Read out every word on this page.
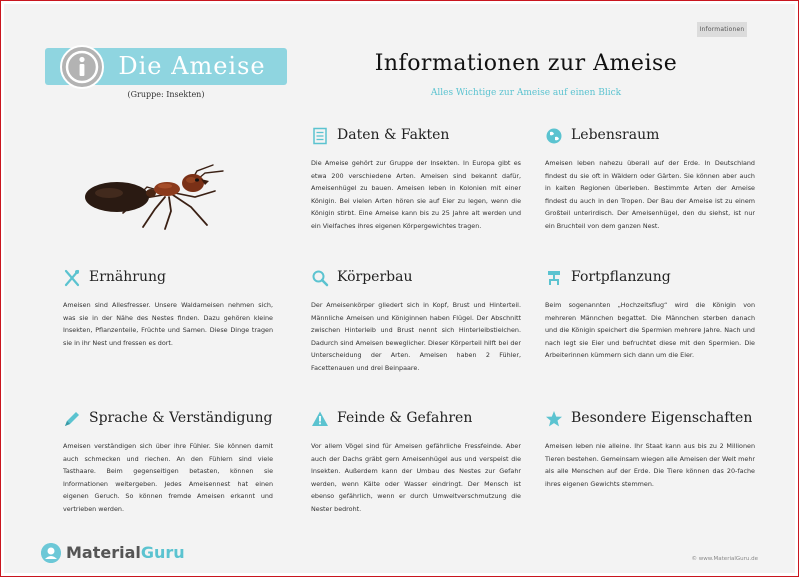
Informationen
Die Ameise
(Gruppe: Insekten)
Informationen zur Ameise
Alles Wichtige zur Ameise auf einen Blick
Daten & Fakten
Die Ameise gehört zur Gruppe der Insekten. In Europa gibt es etwa 200 verschiedene Arten. Ameisen sind bekannt dafür, Ameisenhügel zu bauen. Ameisen leben in Kolonien mit einer Königin. Bei vielen Arten hören sie auf Eier zu legen, wenn die Königin stirbt. Eine Ameise kann bis zu 25 Jahre alt werden und ein Vielfaches ihres eigenen Körpergewichtes tragen.
Lebensraum
Ameisen leben nahezu überall auf der Erde. In Deutschland findest du sie oft in Wäldern oder Gärten. Sie können aber auch in kalten Regionen überleben. Bestimmte Arten der Ameise findest du auch in den Tropen. Der Bau der Ameise ist zu einem Großteil unterirdisch. Der Ameisenhügel, den du siehst, ist nur ein Bruchteil von dem ganzen Nest.
Ernährung
Ameisen sind Allesfresser. Unsere Waldameisen nehmen sich, was sie in der Nähe des Nestes finden. Dazu gehören kleine Insekten, Pflanzenteile, Früchte und Samen. Diese Dinge tragen sie in ihr Nest und fressen es dort.
Körperbau
Der Ameisenkörper gliedert sich in Kopf, Brust und Hinterteil. Männliche Ameisen und Königinnen haben Flügel. Der Abschnitt zwischen Hinterleib und Brust nennt sich Hinterleibstielchen. Dadurch sind Ameisen beweglicher. Dieser Körperteil hilft bei der Unterscheidung der Arten. Ameisen haben 2 Fühler, Facettenauen und drei Beinpaare.
Fortpflanzung
Beim sogenannten „Hochzeitsflug“ wird die Königin von mehreren Männchen begattet. Die Männchen sterben danach und die Königin speichert die Spermien mehrere Jahre. Nach und nach legt sie Eier und befruchtet diese mit den Spermien. Die Arbeiterinnen kümmern sich dann um die Eier.
Sprache & Verständigung
Ameisen verständigen sich über ihre Fühler. Sie können damit auch schmecken und riechen. An den Fühlern sind viele Tasthaare. Beim gegenseitigen betasten, können sie Informationen weitergeben. Jedes Ameisennest hat einen eigenen Geruch. So können fremde Ameisen erkannt und vertrieben werden.
Feinde & Gefahren
Vor allem Vögel sind für Ameisen gefährliche Fressfeinde. Aber auch der Dachs gräbt gern Ameisenhügel aus und verspeist die Insekten. Außerdem kann der Umbau des Nestes zur Gefahr werden, wenn Kälte oder Wasser eindringt. Der Mensch ist ebenso gefährlich, wenn er durch Umweltverschmutzung die Nester bedroht.
Besondere Eigenschaften
Ameisen leben nie alleine. Ihr Staat kann aus bis zu 2 Millionen Tieren bestehen. Gemeinsam wiegen alle Ameisen der Welt mehr als alle Menschen auf der Erde. Die Tiere können das 20-fache ihres eigenen Gewichts stemmen.
MaterialGuru	© www.MaterialGuru.de
